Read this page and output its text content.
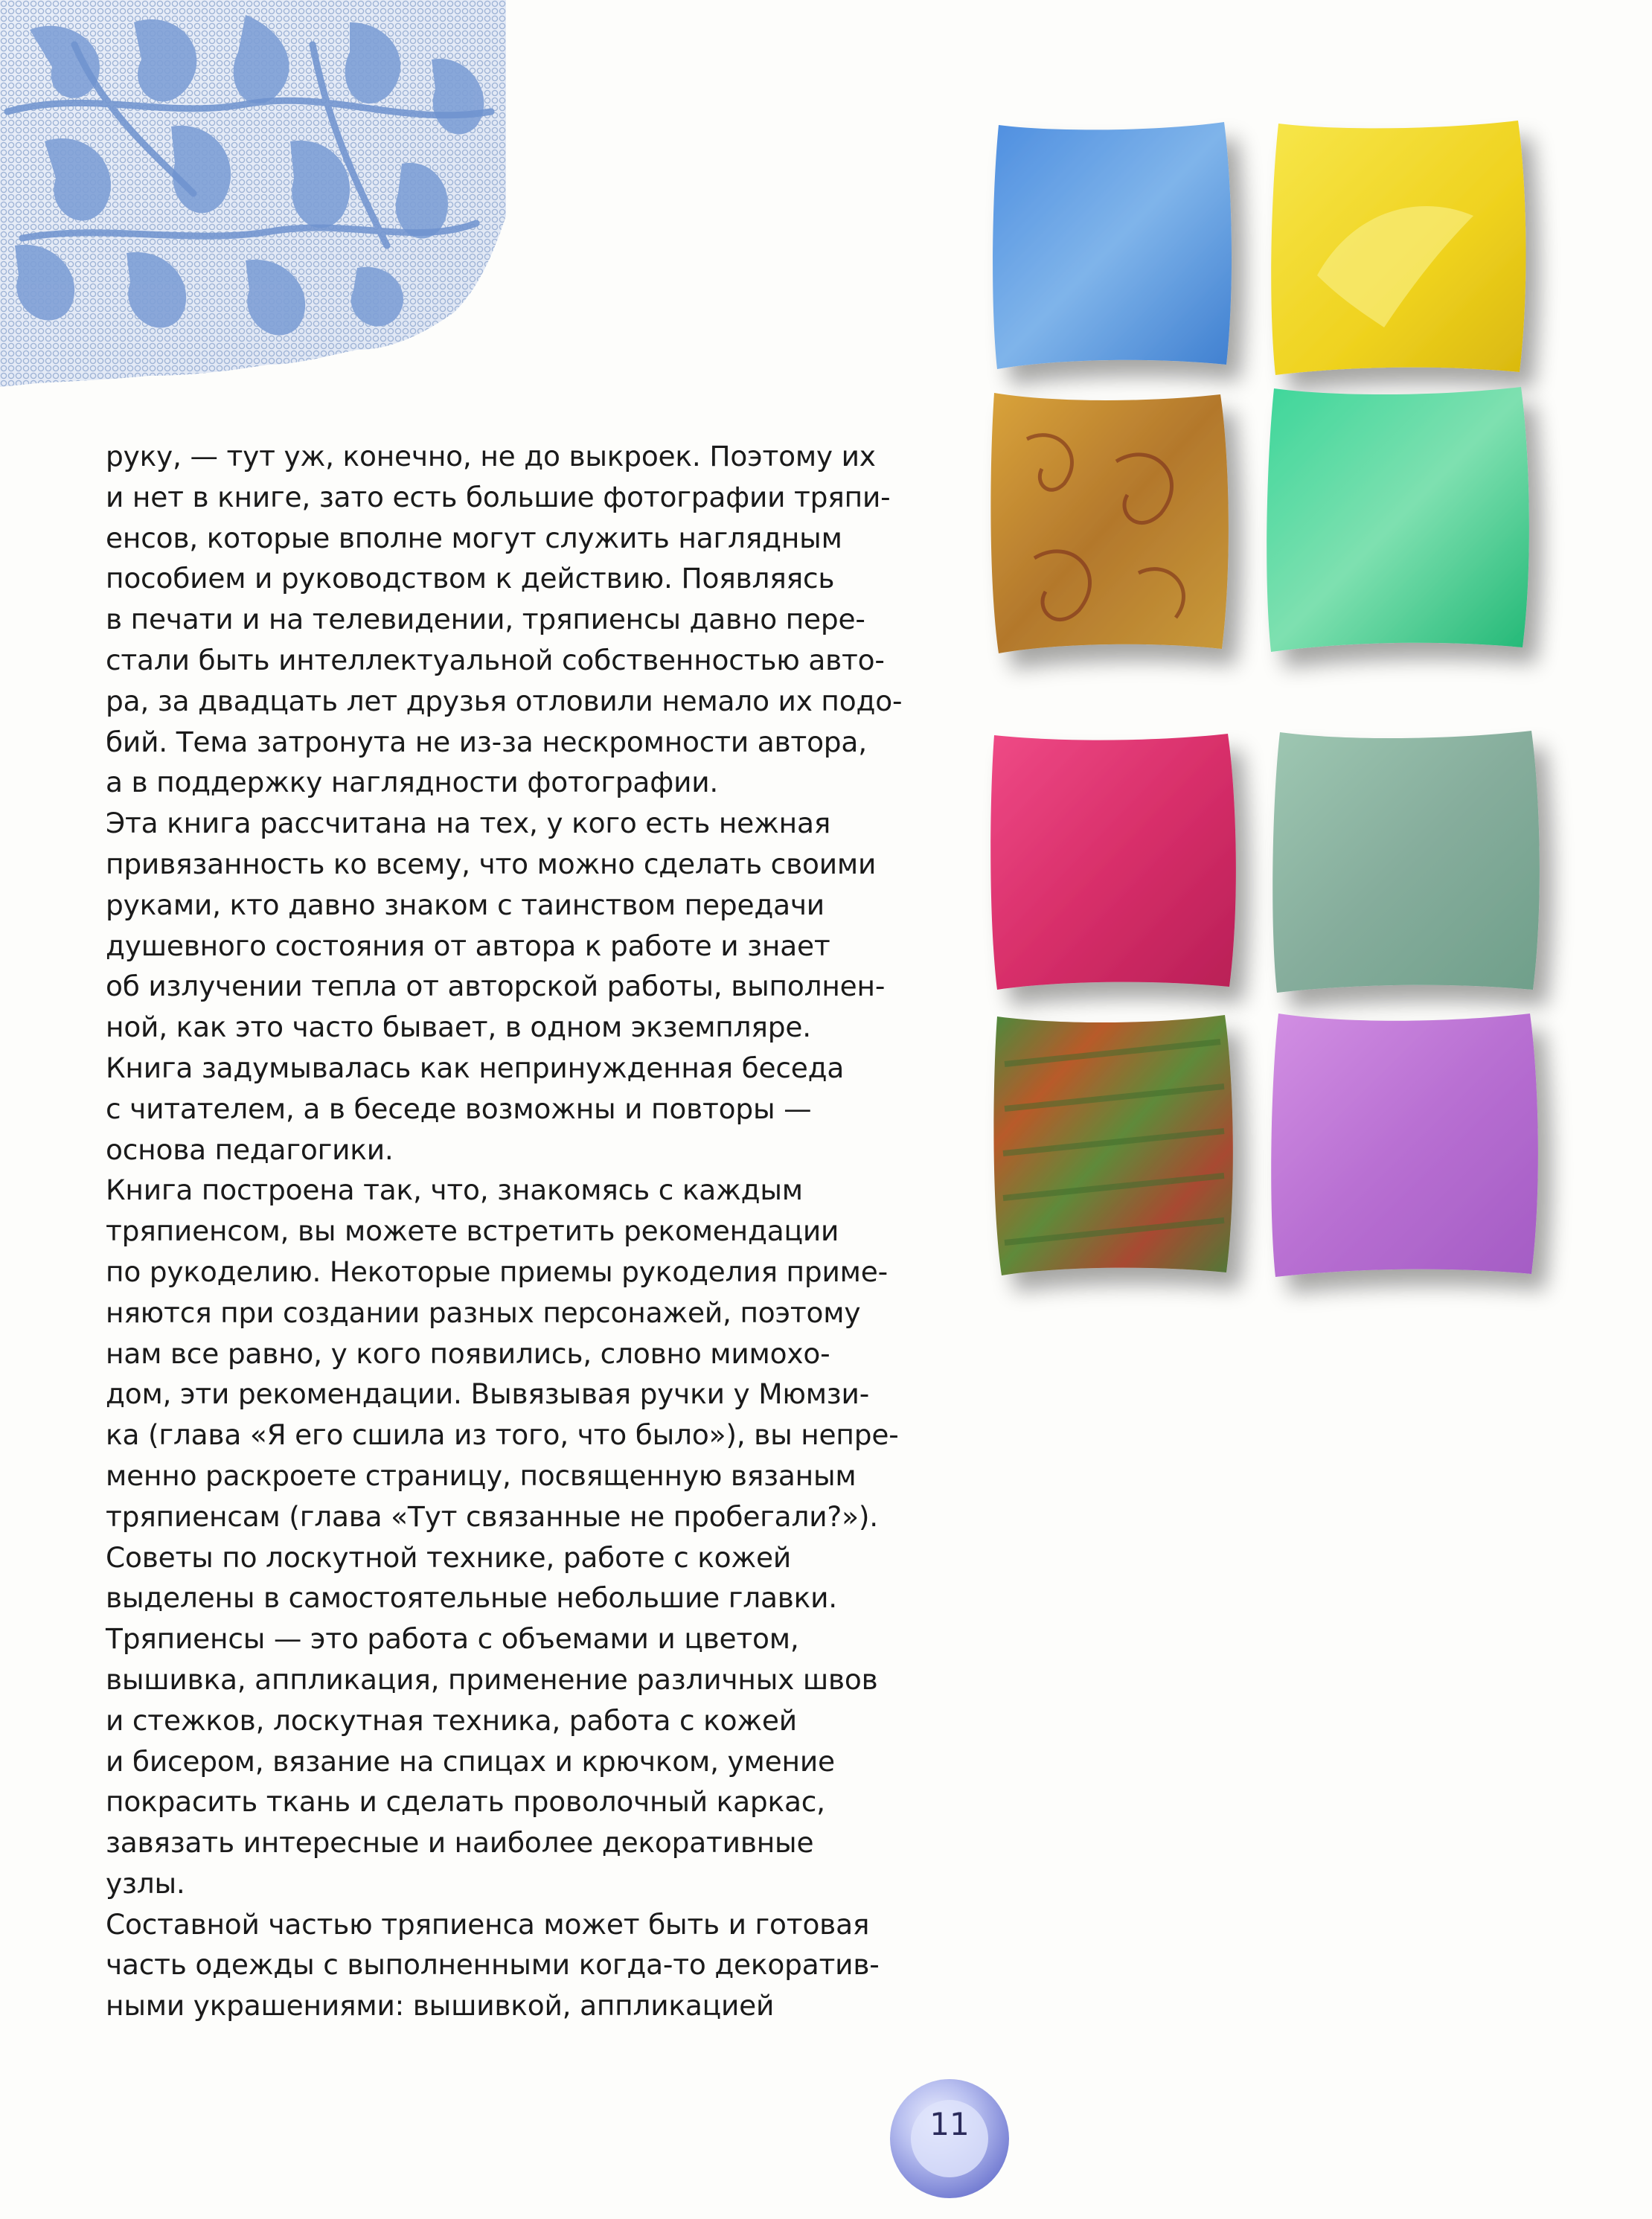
руку, — тут уж, конечно, не до выкроек. Поэтому их
и нет в книге, зато есть большие фотографии тряпи-
енсов, которые вполне могут служить наглядным
пособием и руководством к действию. Появляясь
в печати и на телевидении, тряпиенсы давно пере-
стали быть интеллектуальной собственностью авто-
ра, за двадцать лет друзья отловили немало их подо-
бий. Тема затронута не из-за нескромности автора,
а в поддержку наглядности фотографии.
Эта книга рассчитана на тех, у кого есть нежная
привязанность ко всему, что можно сделать своими
руками, кто давно знаком с таинством передачи
душевного состояния от автора к работе и знает
об излучении тепла от авторской работы, выполнен-
ной, как это часто бывает, в одном экземпляре.
Книга задумывалась как непринужденная беседа
с читателем, а в беседе возможны и повторы —
основа педагогики.
Книга построена так, что, знакомясь с каждым
тряпиенсом, вы можете встретить рекомендации
по рукоделию. Некоторые приемы рукоделия приме-
няются при создании разных персонажей, поэтому
нам все равно, у кого появились, словно мимохо-
дом, эти рекомендации. Вывязывая ручки у Мюмзи-
ка (глава «Я его сшила из того, что было»), вы непре-
менно раскроете страницу, посвященную вязаным
тряпиенсам (глава «Тут связанные не пробегали?»).
Советы по лоскутной технике, работе с кожей
выделены в самостоятельные небольшие главки.
Тряпиенсы — это работа с объемами и цветом,
вышивка, аппликация, применение различных швов
и стежков, лоскутная техника, работа с кожей
и бисером, вязание на спицах и крючком, умение
покрасить ткань и сделать проволочный каркас,
завязать интересные и наиболее декоративные
узлы.
Составной частью тряпиенса может быть и готовая
часть одежды с выполненными когда-то декоратив-
ными украшениями: вышивкой, аппликацией
11
